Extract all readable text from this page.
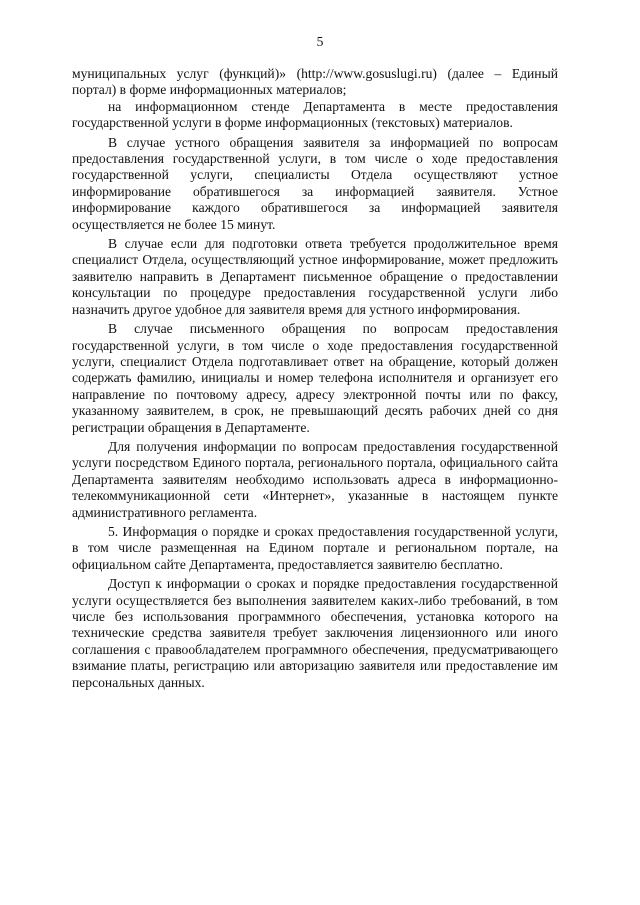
5

муниципальных услуг (функций)» (http://www.gosuslugi.ru) (далее – Единый портал) в форме информационных материалов;

на информационном стенде Департамента в месте предоставления государственной услуги в форме информационных (текстовых) материалов.

В случае устного обращения заявителя за информацией по вопросам предоставления государственной услуги, в том числе о ходе предоставления государственной услуги, специалисты Отдела осуществляют устное информирование обратившегося за информацией заявителя. Устное информирование каждого обратившегося за информацией заявителя осуществляется не более 15 минут.

В случае если для подготовки ответа требуется продолжительное время специалист Отдела, осуществляющий устное информирование, может предложить заявителю направить в Департамент письменное обращение о предоставлении консультации по процедуре предоставления государственной услуги либо назначить другое удобное для заявителя время для устного информирования.

В случае письменного обращения по вопросам предоставления государственной услуги, в том числе о ходе предоставления государственной услуги, специалист Отдела подготавливает ответ на обращение, который должен содержать фамилию, инициалы и номер телефона исполнителя и организует его направление по почтовому адресу, адресу электронной почты или по факсу, указанному заявителем, в срок, не превышающий десять рабочих дней со дня регистрации обращения в Департаменте.

Для получения информации по вопросам предоставления государственной услуги посредством Единого портала, регионального портала, официального сайта Департамента заявителям необходимо использовать адреса в информационно-телекоммуникационной сети «Интернет», указанные в настоящем пункте административного регламента.

5. Информация о порядке и сроках предоставления государственной услуги, в том числе размещенная на Едином портале и региональном портале, на официальном сайте Департамента, предоставляется заявителю бесплатно.

Доступ к информации о сроках и порядке предоставления государственной услуги осуществляется без выполнения заявителем каких-либо требований, в том числе без использования программного обеспечения, установка которого на технические средства заявителя требует заключения лицензионного или иного соглашения с правообладателем программного обеспечения, предусматривающего взимание платы, регистрацию или авторизацию заявителя или предоставление им персональных данных.
